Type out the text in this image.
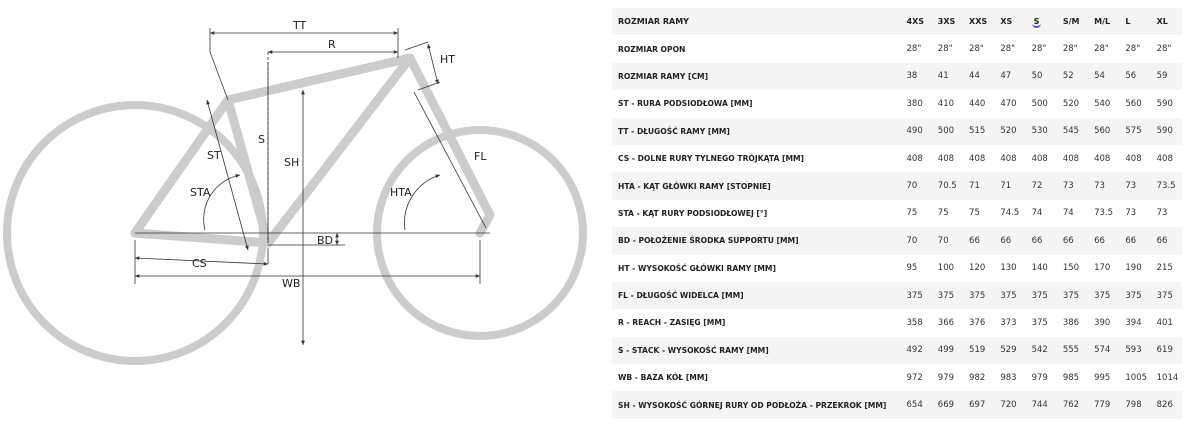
TT
R
HT
S
SH
ST
STA
FL
HTA
BD
CS
WB
ROZMIAR RAMY	4XS	3XS	XXS	XS	S	S/M	M/L	L	XL
ROZMIAR OPON	28"	28"	28"	28"	28"	28"	28"	28"	28"
ROZMIAR RAMY [CM]	38	41	44	47	50	52	54	56	59
ST - RURA PODSIODŁOWA [MM]	380	410	440	470	500	520	540	560	590
TT - DŁUGOŚĆ RAMY [MM]	490	500	515	520	530	545	560	575	590
CS - DOLNE RURY TYLNEGO TRÓJKĄTA [MM]	408	408	408	408	408	408	408	408	408
HTA - KĄT GŁÓWKI RAMY [STOPNIE]	70	70.5	71	71	72	73	73	73	73.5
STA - KĄT RURY PODSIODŁOWEJ [°]	75	75	75	74.5	74	74	73.5	73	73
BD - POŁOŻENIE ŚRODKA SUPPORTU [MM]	70	70	66	66	66	66	66	66	66
HT - WYSOKOŚĆ GŁÓWKI RAMY [MM]	95	100	120	130	140	150	170	190	215
FL - DŁUGOŚĆ WIDELCA [MM]	375	375	375	375	375	375	375	375	375
R - REACH - ZASIĘG [MM]	358	366	376	373	375	386	390	394	401
S - STACK - WYSOKOŚĆ RAMY [MM]	492	499	519	529	542	555	574	593	619
WB - BAZA KÓŁ [MM]	972	979	982	983	979	985	995	1005	1014
SH - WYSOKOŚĆ GÓRNEJ RURY OD PODŁOŻA - PRZEKROK [MM]	654	669	697	720	744	762	779	798	826
